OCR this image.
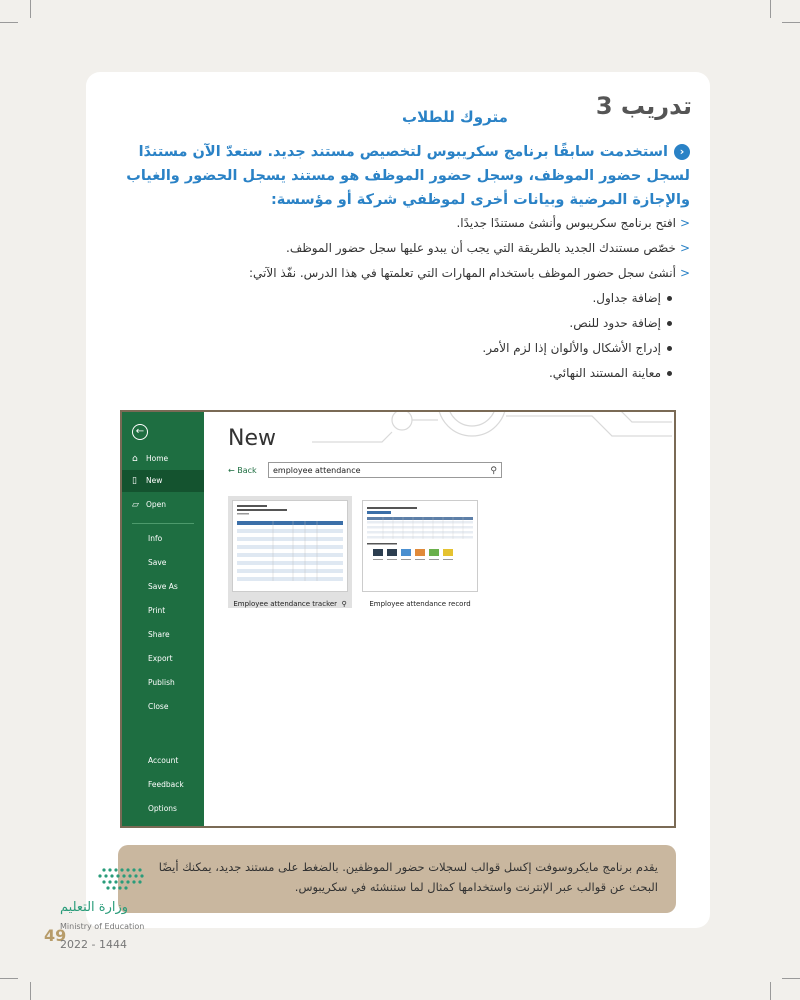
تدريب 3
متروك للطلاب
‹استخدمت سابقًا برنامج سكريبوس لتخصيص مستند جديد. ستعدّ الآن مستندًا لسجل حضور الموظف، وسجل حضور الموظف هو مستند يسجل الحضور والغياب والإجازة المرضية وبيانات أخرى لموظفي شركة أو مؤسسة:
<افتح برنامج سكريبوس وأنشئ مستندًا جديدًا.
<خصّص مستندك الجديد بالطريقة التي يجب أن يبدو عليها سجل حضور الموظف.
<أنشئ سجل حضور الموظف باستخدام المهارات التي تعلمتها في هذا الدرس. نفّذ الآتي:
إضافة جداول.
إضافة حدود للنص.
إدراج الأشكال والألوان إذا لزم الأمر.
معاينة المستند النهائي.
←
⌂ Home
▯ New
▱ Open
Info
Save
Save As
Print
Share
Export
Publish
Close
Account
Feedback
Options
New
← Back	employee attendance	⚲
Employee attendance tracker ⚲	Employee attendance record
يقدم برنامج مايكروسوفت إكسل قوالب لسجلات حضور الموظفين. بالضغط على مستند جديد، يمكنك أيضًا البحث عن قوالب عبر الإنترنت واستخدامها كمثال لما ستنشئه في سكريبوس.
وزارة التعليم
Ministry of Education
49
2022 - 1444
